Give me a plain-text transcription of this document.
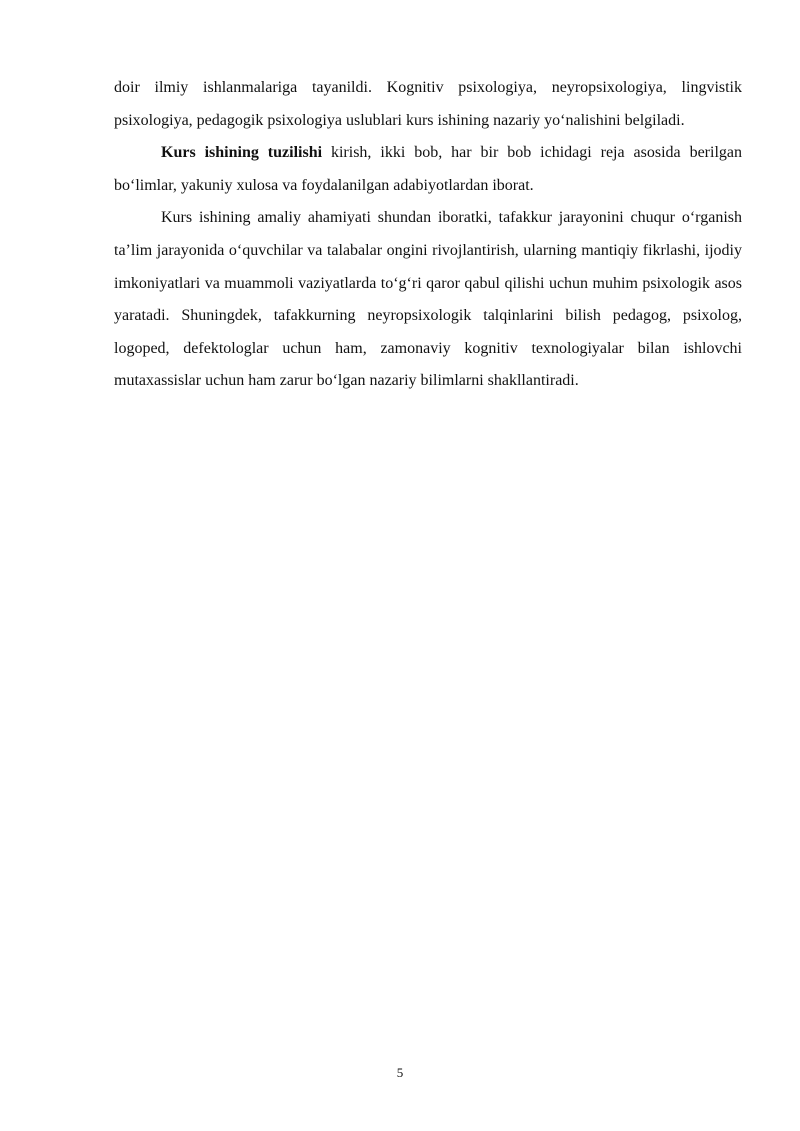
doir ilmiy ishlanmalariga tayanildi. Kognitiv psixologiya, neyropsixologiya, lingvistik psixologiya, pedagogik psixologiya uslublari kurs ishining nazariy yo‘nalishini belgiladi.

Kurs ishining tuzilishi kirish, ikki bob, har bir bob ichidagi reja asosida berilgan bo‘limlar, yakuniy xulosa va foydalanilgan adabiyotlardan iborat.

Kurs ishining amaliy ahamiyati shundan iboratki, tafakkur jarayonini chuqur o‘rganish ta’lim jarayonida o‘quvchilar va talabalar ongini rivojlantirish, ularning mantiqiy fikrlashi, ijodiy imkoniyatlari va muammoli vaziyatlarda to‘g‘ri qaror qabul qilishi uchun muhim psixologik asos yaratadi. Shuningdek, tafakkurning neyropsixologik talqinlarini bilish pedagog, psixolog, logoped, defektologlar uchun ham, zamonaviy kognitiv texnologiyalar bilan ishlovchi mutaxassislar uchun ham zarur bo‘lgan nazariy bilimlarni shakllantiradi.

5
